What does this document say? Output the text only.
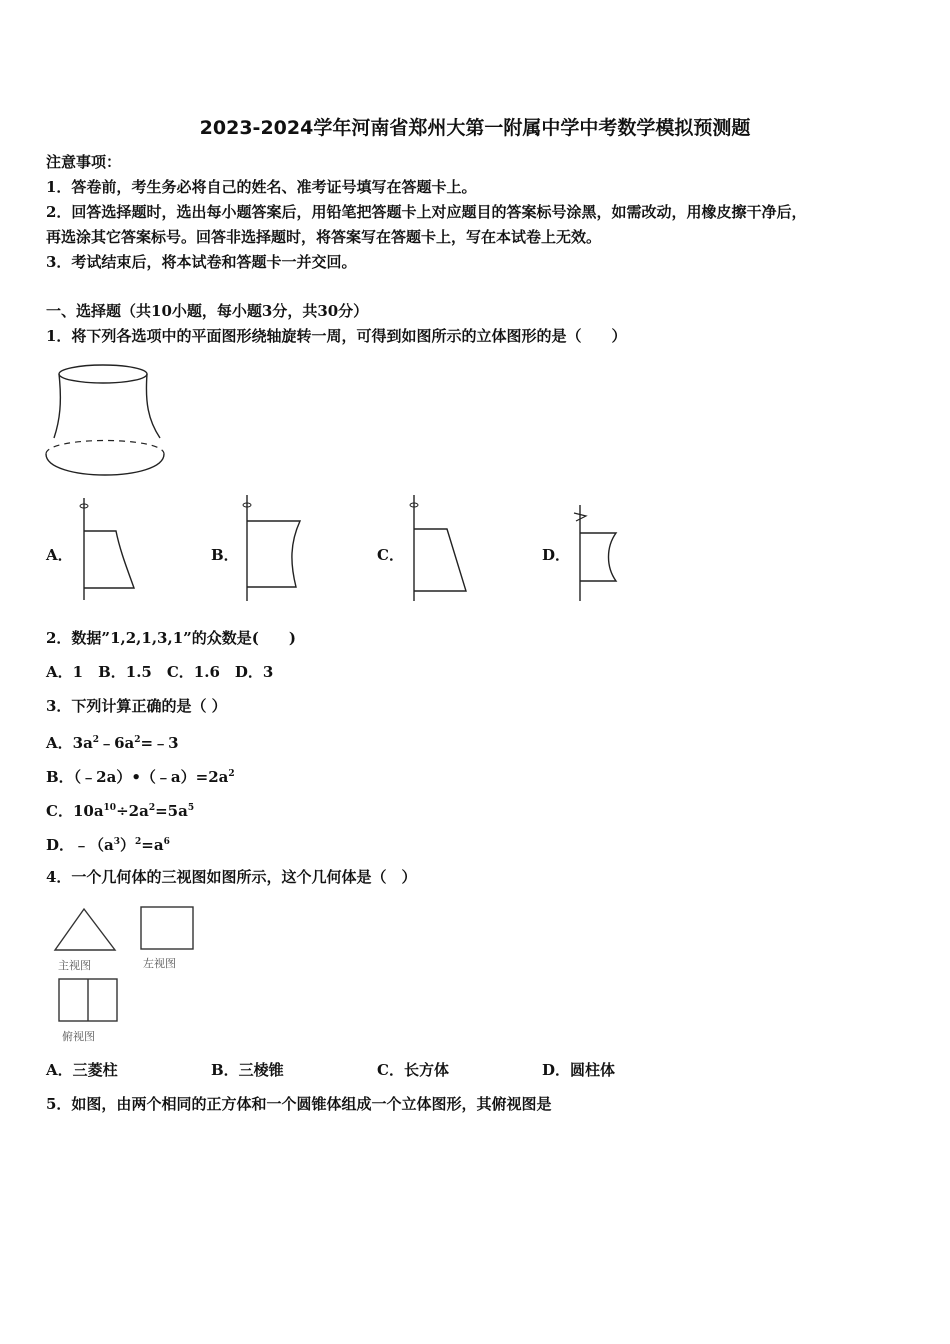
2023-2024学年河南省郑州大第一附属中学中考数学模拟预测题
注意事项：
1．答卷前，考生务必将自己的姓名、准考证号填写在答题卡上。
2．回答选择题时，选出每小题答案后，用铅笔把答题卡上对应题目的答案标号涂黑，如需改动，用橡皮擦干净后，
再选涂其它答案标号。回答非选择题时，将答案写在答题卡上，写在本试卷上无效。
3．考试结束后，将本试卷和答题卡一并交回。
一、选择题（共10小题，每小题3分，共30分）
1．将下列各选项中的平面图形绕轴旋转一周，可得到如图所示的立体图形的是（　　）
A．	B．	C．	D．
2．数据”1,2,1,3,1”的众数是(　　)
A．1　B．1.5　C．1.6　D．3
3．下列计算正确的是（ ）
A．$3a^2﹣6a^2=﹣3$
B．$(﹣2a)•(﹣a)=2a^2$
C．$10a^{10}\div 2a^2=5a^5$
D．$﹣(a^3)^2=a^6$
4．一个几何体的三视图如图所示，这个几何体是（　）
主视图	左视图
俯视图
A．三菱柱	B．三棱锥	C．长方体	D．圆柱体
5．如图，由两个相同的正方体和一个圆锥体组成一个立体图形，其俯视图是
